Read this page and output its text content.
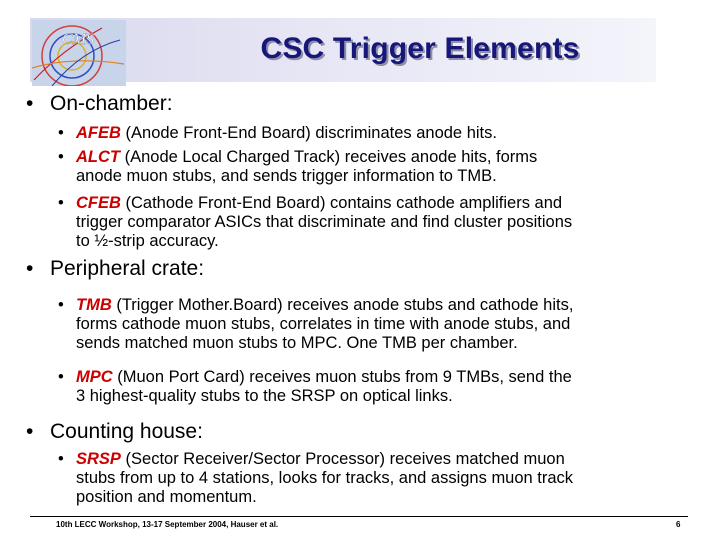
CMS	CSC Trigger Elements
• On-chamber:
• AFEB (Anode Front-End Board) discriminates anode hits.
• ALCT (Anode Local Charged Track) receives anode hits, forms
anode muon stubs, and sends trigger information to TMB.
• CFEB (Cathode Front-End Board) contains cathode amplifiers and
trigger comparator ASICs that discriminate and find cluster positions
to ½-strip accuracy.
• Peripheral crate:
• TMB (Trigger Mother.Board) receives anode stubs and cathode hits,
forms cathode muon stubs, correlates in time with anode stubs, and
sends matched muon stubs to MPC. One TMB per chamber.
• MPC (Muon Port Card) receives muon stubs from 9 TMBs, send the
3 highest-quality stubs to the SRSP on optical links.
• Counting house:
• SRSP (Sector Receiver/Sector Processor) receives matched muon
stubs from up to 4 stations, looks for tracks, and assigns muon track
position and momentum.
10th LECC Workshop, 13-17 September 2004, Hauser et al.	6
